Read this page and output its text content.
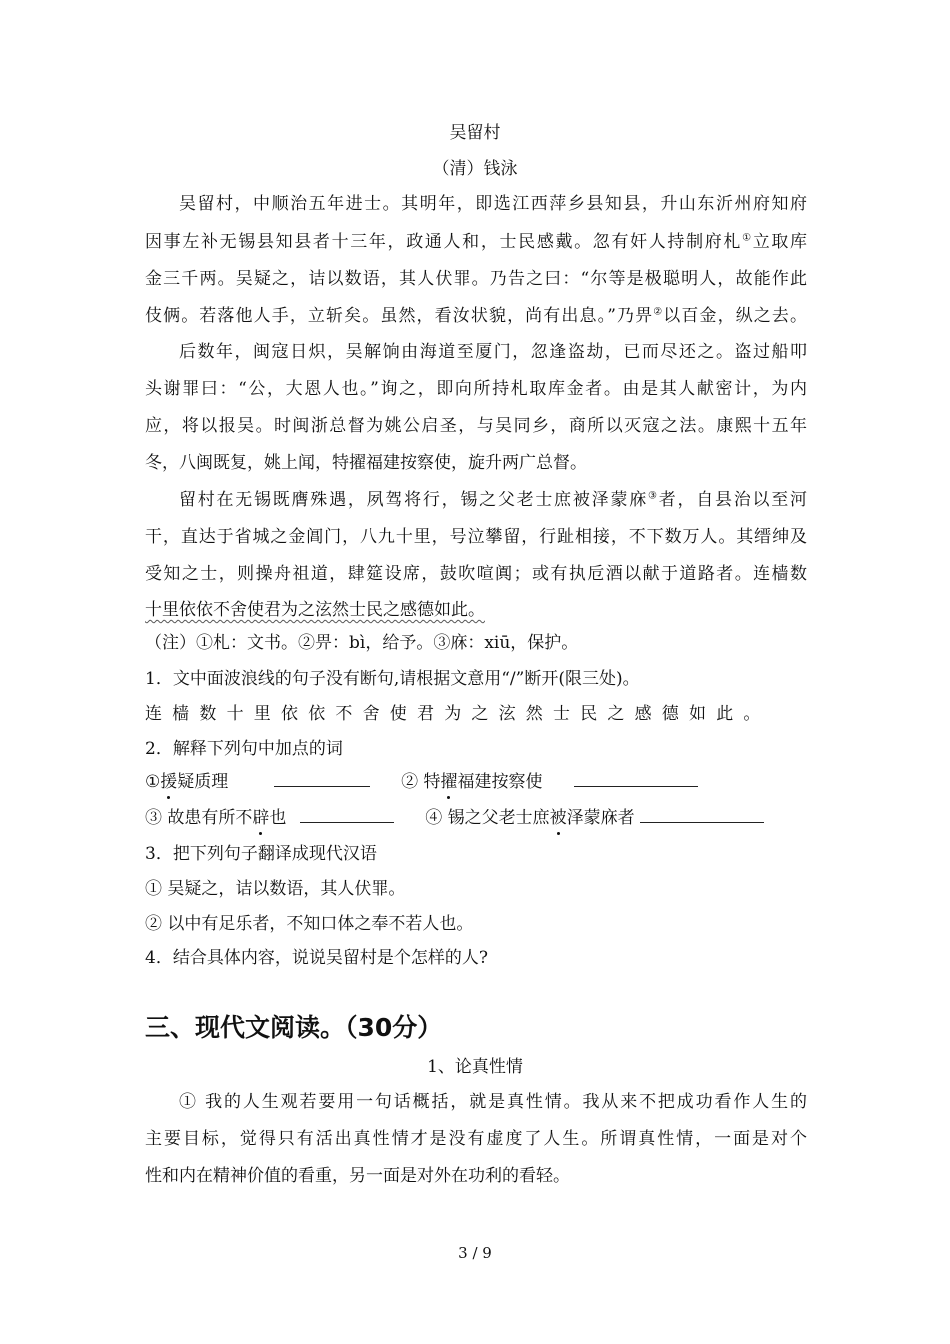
吴留村
（清）钱泳
吴留村，中顺治五年进士。其明年，即选江西萍乡县知县，升山东沂州府知府
因事左补无锡县知县者十三年，政通人和，士民感戴。忽有奸人持制府札①立取库
金三千两。吴疑之，诘以数语，其人伏罪。乃告之曰：“尔等是极聪明人，故能作此
伎俩。若落他人手，立斩矣。虽然，看汝状貌，尚有出息。”乃畀②以百金，纵之去。
后数年，闽寇日炽，吴解饷由海道至厦门，忽逢盗劫，已而尽还之。盗过船叩
头谢罪曰：“公，大恩人也。”询之，即向所持札取库金者。由是其人献密计，为内
应，将以报吴。时闽浙总督为姚公启圣，与吴同乡，商所以灭寇之法。康熙十五年
冬，八闽既复，姚上闻，特擢福建按察使，旋升两广总督。
留村在无锡既膺殊遇，夙驾将行，锡之父老士庶被泽蒙庥③者，自县治以至河
干，直达于省城之金阊门，八九十里，号泣攀留，行趾相接，不下数万人。其缙绅及
受知之士，则操舟祖道，肆筵设席，鼓吹喧阗；或有执卮酒以献于道路者。连樯数
十里依依不舍使君为之泫然士民之感德如此。
（注）①札：文书。②畀：bì，给予。③庥：xiū，保护。
1．文中面波浪线的句子没有断句,请根据文意用“/”断开(限三处)。
连樯数十里依依不舍使君为之泫然士民之感德如此。
2．解释下列句中加点的词
①援疑质理	② 特擢福建按察使
③ 故患有所不辟也	④ 锡之父老士庶被泽蒙庥者
3．把下列句子翻译成现代汉语
① 吴疑之，诘以数语，其人伏罪。
② 以中有足乐者，不知口体之奉不若人也。
4．结合具体内容，说说吴留村是个怎样的人?
三、现代文阅读。（30分）
1、论真性情
① 我的人生观若要用一句话概括，就是真性情。我从来不把成功看作人生的
主要目标，觉得只有活出真性情才是没有虚度了人生。所谓真性情，一面是对个
性和内在精神价值的看重，另一面是对外在功利的看轻。
3 / 9
